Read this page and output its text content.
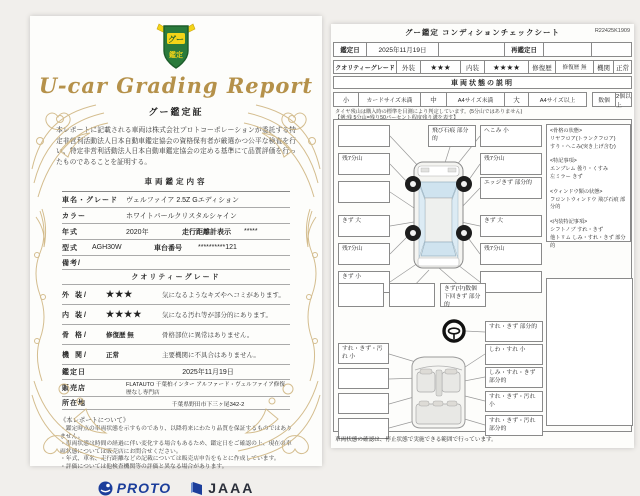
グー
鑑定
U-car Grading Report
グー鑑定証

本レポートに記載される車両は株式会社プロトコーポレーションが委託する特定非営利活動法人日本自動車鑑定協会の資格保有者が厳選かつ公平な検査を行い、特定非営利活動法人日本自動車鑑定協会の定める基準にて品質評価を行ったものであることを証明する。

車両鑑定内容
車名・グレード	ヴェルファイア 2.5Z Gエディション
カラー	ホワイトパールクリスタルシャイン
年式	2020年	走行距離計表示	*****
型式	AGH30W	車台番号	**********121
備考/
クオリティーグレード
外 装/	★★★	気になるようなキズやヘコミがあります。
内 装/	★★★★	気になる汚れ等が部分的にあります。
骨 格/	修復歴 無	骨格部位に異常はありません。
機 関/	正常	主要機関に不具合はありません。
鑑定日	2025年11月19日
販売店	FLATAUTO 千葉柏インター アルファード・ヴェルファイア修復歴なし専門店
所在地	千葉県野田市下三ヶ尾342-2
《本レポートについて》
・鑑定時点の車両状態を示すものであり、以降将来にわたり品質を保証するものではありません。
・車両状態は時間の経過に伴い変化する場合もあるため、鑑定日をご確認の上、現在の車両状態については販売店にお問合せください。
・年式、車名、走行距離などの記載については販売店申告をもとに作成しています。
・評価については他検査機関等の評価と異なる場合があります。
PROTO	JAAA
グー鑑定 コンディションチェックシート	R22425K1909
鑑定日	2025年11月19日	再鑑定日
クオリティーグレード	外装	★★★	内装	★★★★	修復歴	修復歴 無	機関 正常
車両状態の説明
小	カードサイズ未満	中	A4サイズ未満	大	A4サイズ以上	数個
2個以上
タイヤ残山は購入時の標準を目測により判定しています。(5分山ではありません)
【例:残 5分山=残り50パーセント程度残り溝を表す】
飛び石痕 部分的
へこみ 小
残7分山
きず 大
残7分山
きず 小
残7分山
エッジきず 部分的
きず 大
残7分山
きず(中)数個
下回きず 部分的
<骨格の状態>
リヤフロア(トランクフロア)
すり・へこみ(突き上げ含む)
<特記事項>
エンブレム 曇り・くすみ
左ミラー きず
<ウィンドウ類の状態>
フロントウィンドウ 飛び石痕 部分的
<内装特記事項>
シフトノブ すれ・きず
他トリム しみ・すれ・きず 部分的
すれ・きず・汚れ 小
すれ・きず 部分的
しわ・すれ 小
しみ・すれ・きず 部分的
すれ・きず・汚れ 小
すれ・きず・汚れ 部分的
車両状態の確認は、停止状態で実施できる範囲で行っています。
